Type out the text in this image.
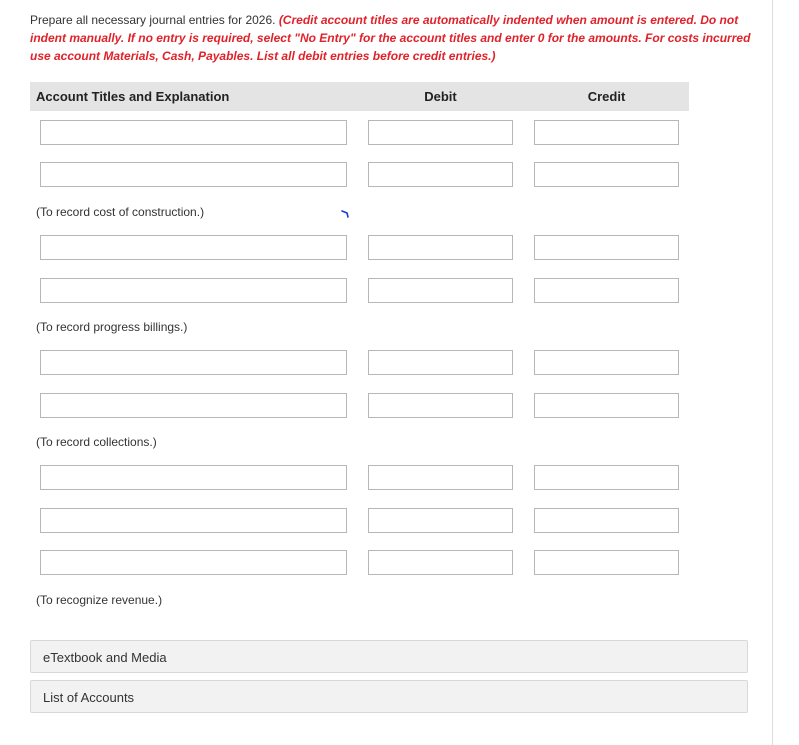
Prepare all necessary journal entries for 2026. (Credit account titles are automatically indented when amount is entered. Do not indent manually. If no entry is required, select "No Entry" for the account titles and enter 0 for the amounts. For costs incurred use account Materials, Cash, Payables. List all debit entries before credit entries.)
Account Titles and Explanation	Debit	Credit
(To record cost of construction.)
(To record progress billings.)
(To record collections.)
(To recognize revenue.)
eTextbook and Media
List of Accounts
